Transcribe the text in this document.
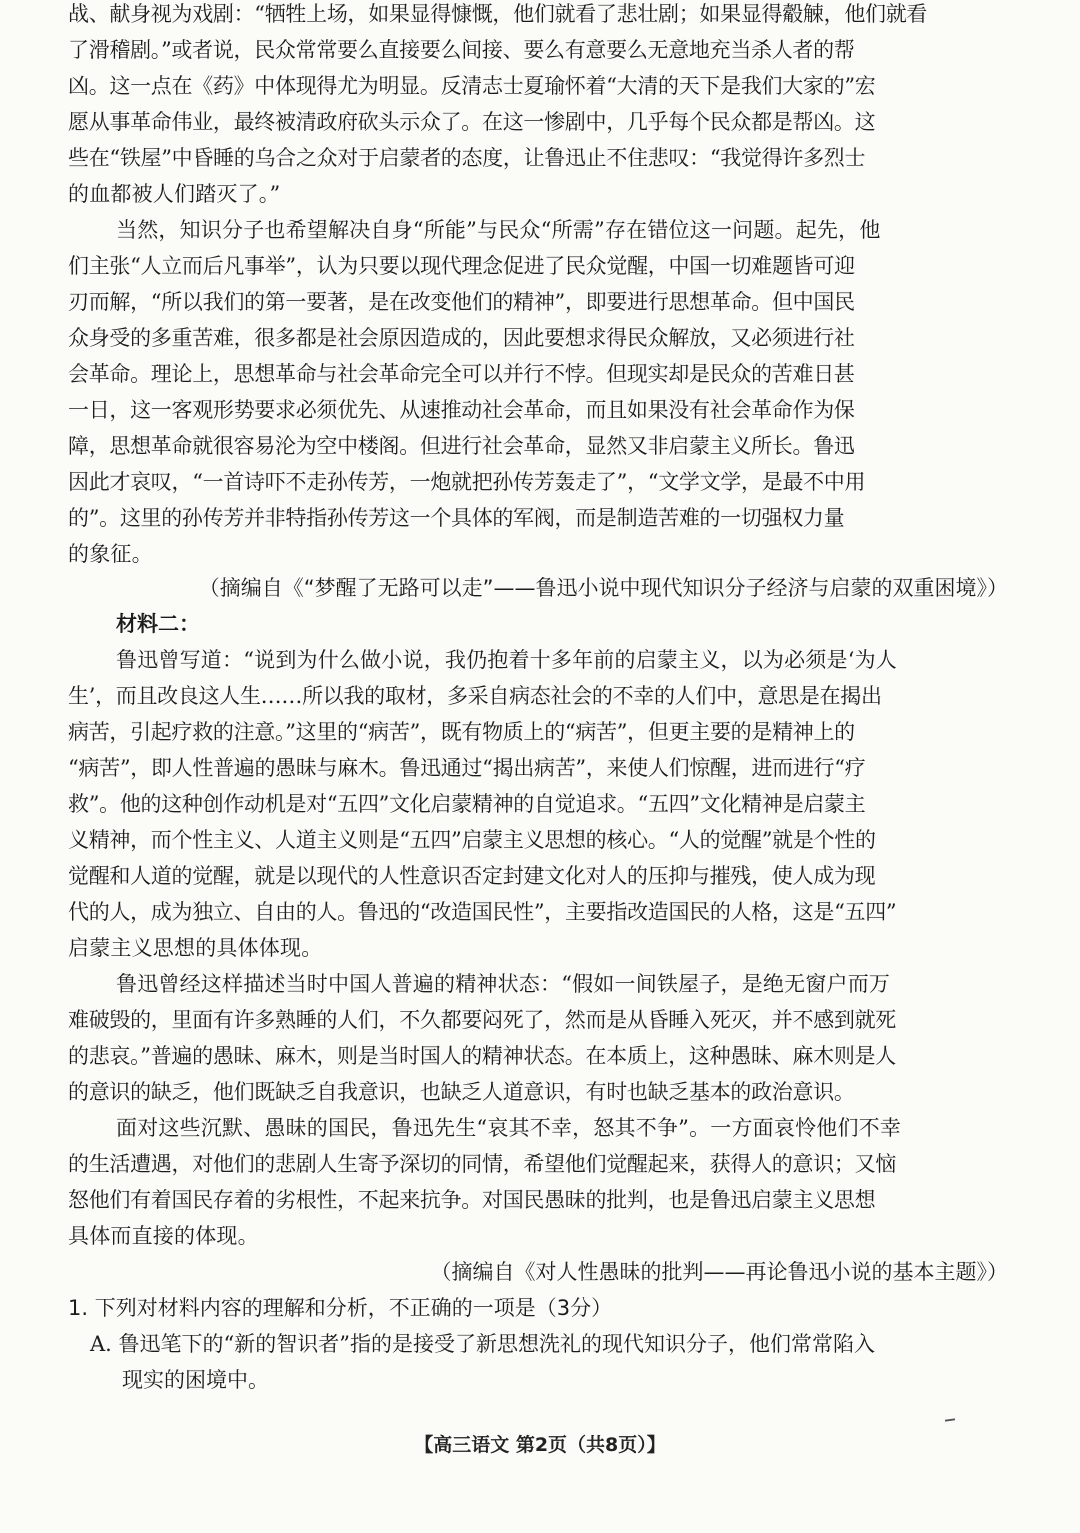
战、献身视为戏剧：“牺牲上场，如果显得慷慨，他们就看了悲壮剧；如果显得觳觫，他们就看
了滑稽剧。”或者说，民众常常要么直接要么间接、要么有意要么无意地充当杀人者的帮
凶。这一点在《药》中体现得尤为明显。反清志士夏瑜怀着“大清的天下是我们大家的”宏
愿从事革命伟业，最终被清政府砍头示众了。在这一惨剧中，几乎每个民众都是帮凶。这
些在“铁屋”中昏睡的乌合之众对于启蒙者的态度，让鲁迅止不住悲叹：“我觉得许多烈士
的血都被人们踏灭了。”
当然，知识分子也希望解决自身“所能”与民众“所需”存在错位这一问题。起先，他
们主张“人立而后凡事举”，认为只要以现代理念促进了民众觉醒，中国一切难题皆可迎
刃而解，“所以我们的第一要著，是在改变他们的精神”，即要进行思想革命。但中国民
众身受的多重苦难，很多都是社会原因造成的，因此要想求得民众解放，又必须进行社
会革命。理论上，思想革命与社会革命完全可以并行不悖。但现实却是民众的苦难日甚
一日，这一客观形势要求必须优先、从速推动社会革命，而且如果没有社会革命作为保
障，思想革命就很容易沦为空中楼阁。但进行社会革命，显然又非启蒙主义所长。鲁迅
因此才哀叹，“一首诗吓不走孙传芳，一炮就把孙传芳轰走了”，“文学文学，是最不中用
的”。这里的孙传芳并非特指孙传芳这一个具体的军阀，而是制造苦难的一切强权力量
的象征。
（摘编自《“梦醒了无路可以走”——鲁迅小说中现代知识分子经济与启蒙的双重困境》）
材料二：
鲁迅曾写道：“说到为什么做小说，我仍抱着十多年前的启蒙主义，以为必须是‘为人
生’，而且改良这人生……所以我的取材，多采自病态社会的不幸的人们中，意思是在揭出
病苦，引起疗救的注意。”这里的“病苦”，既有物质上的“病苦”，但更主要的是精神上的
“病苦”，即人性普遍的愚昧与麻木。鲁迅通过“揭出病苦”，来使人们惊醒，进而进行“疗
救”。他的这种创作动机是对“五四”文化启蒙精神的自觉追求。“五四”文化精神是启蒙主
义精神，而个性主义、人道主义则是“五四”启蒙主义思想的核心。“人的觉醒”就是个性的
觉醒和人道的觉醒，就是以现代的人性意识否定封建文化对人的压抑与摧残，使人成为现
代的人，成为独立、自由的人。鲁迅的“改造国民性”，主要指改造国民的人格，这是“五四”
启蒙主义思想的具体体现。
鲁迅曾经这样描述当时中国人普遍的精神状态：“假如一间铁屋子，是绝无窗户而万
难破毁的，里面有许多熟睡的人们，不久都要闷死了，然而是从昏睡入死灭，并不感到就死
的悲哀。”普遍的愚昧、麻木，则是当时国人的精神状态。在本质上，这种愚昧、麻木则是人
的意识的缺乏，他们既缺乏自我意识，也缺乏人道意识，有时也缺乏基本的政治意识。
面对这些沉默、愚昧的国民，鲁迅先生“哀其不幸，怒其不争”。一方面哀怜他们不幸
的生活遭遇，对他们的悲剧人生寄予深切的同情，希望他们觉醒起来，获得人的意识；又恼
怒他们有着国民存着的劣根性，不起来抗争。对国民愚昧的批判，也是鲁迅启蒙主义思想
具体而直接的体现。
（摘编自《对人性愚昧的批判——再论鲁迅小说的基本主题》）
1. 下列对材料内容的理解和分析，不正确的一项是（3分）
A. 鲁迅笔下的“新的智识者”指的是接受了新思想洗礼的现代知识分子，他们常常陷入
现实的困境中。
【高三语文 第2页（共8页）】
